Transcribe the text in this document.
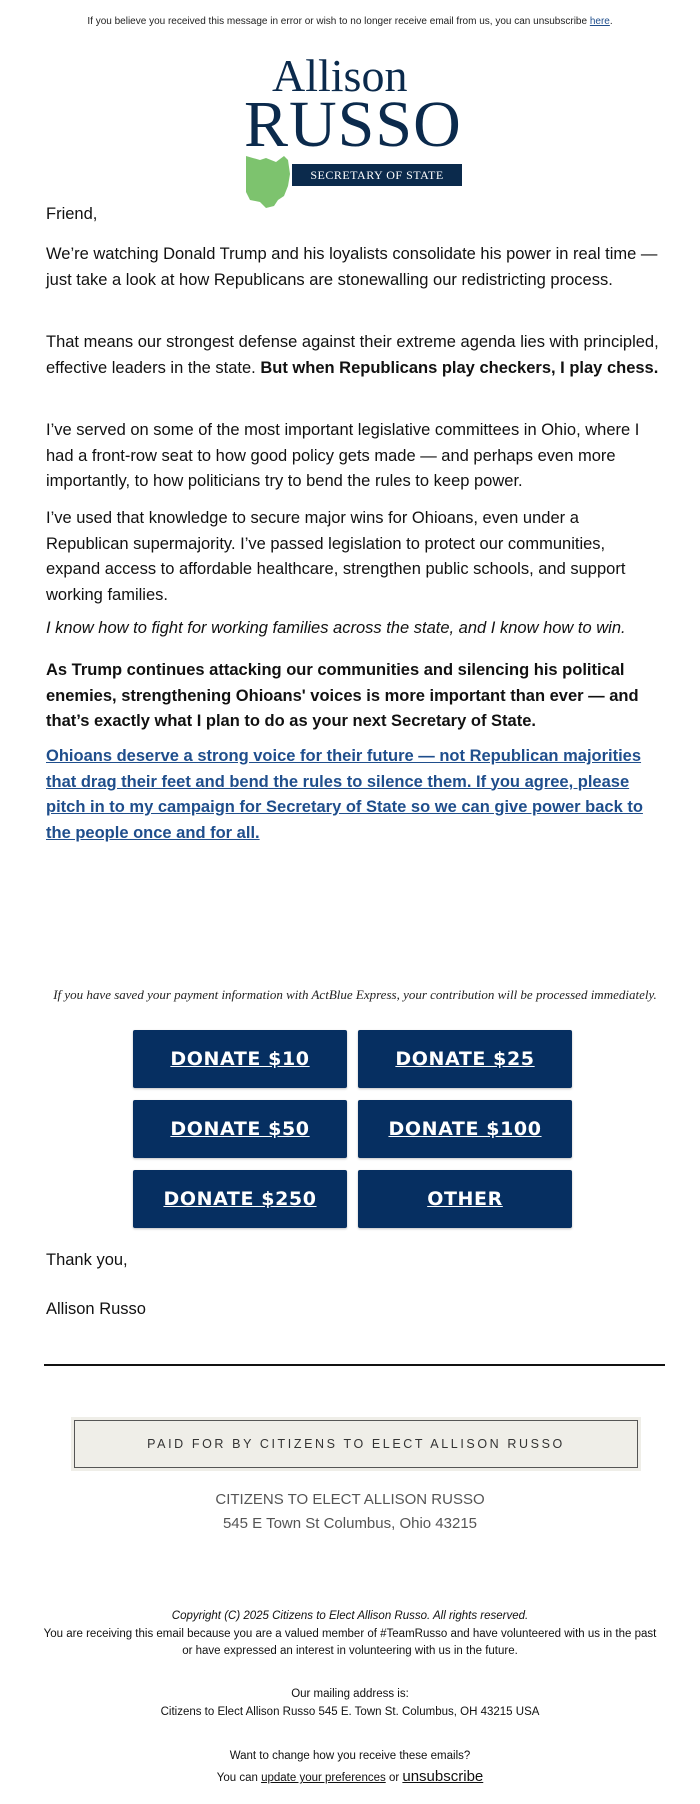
If you believe you received this message in error or wish to no longer receive email from us, you can unsubscribe here.
Allison
RUSSO
SECRETARY OF STATE
Friend,
We’re watching Donald Trump and his loyalists consolidate his power in real time — just take a look at how Republicans are stonewalling our redistricting process.
That means our strongest defense against their extreme agenda lies with principled, effective leaders in the state. But when Republicans play checkers, I play chess.
I’ve served on some of the most important legislative committees in Ohio, where I had a front-row seat to how good policy gets made — and perhaps even more importantly, to how politicians try to bend the rules to keep power.
I’ve used that knowledge to secure major wins for Ohioans, even under a Republican supermajority. I’ve passed legislation to protect our communities, expand access to affordable healthcare, strengthen public schools, and support working families.
I know how to fight for working families across the state, and I know how to win.
As Trump continues attacking our communities and silencing his political enemies, strengthening Ohioans' voices is more important than ever — and that’s exactly what I plan to do as your next Secretary of State.
Ohioans deserve a strong voice for their future — not Republican majorities that drag their feet and bend the rules to silence them. If you agree, please pitch in to my campaign for Secretary of State so we can give power back to the people once and for all.
If you have saved your payment information with ActBlue Express, your contribution will be processed immediately.
DONATE $10	DONATE $25
DONATE $50	DONATE $100
DONATE $250	OTHER
Thank you,
Allison Russo
PAID FOR BY CITIZENS TO ELECT ALLISON RUSSO
CITIZENS TO ELECT ALLISON RUSSO
545 E Town St Columbus, Ohio 43215
Copyright (C) 2025 Citizens to Elect Allison Russo. All rights reserved.
You are receiving this email because you are a valued member of #TeamRusso and have volunteered with us in the past or have expressed an interest in volunteering with us in the future.
Our mailing address is:
Citizens to Elect Allison Russo 545 E. Town St. Columbus, OH 43215 USA
Want to change how you receive these emails?
You can update your preferences or unsubscribe
